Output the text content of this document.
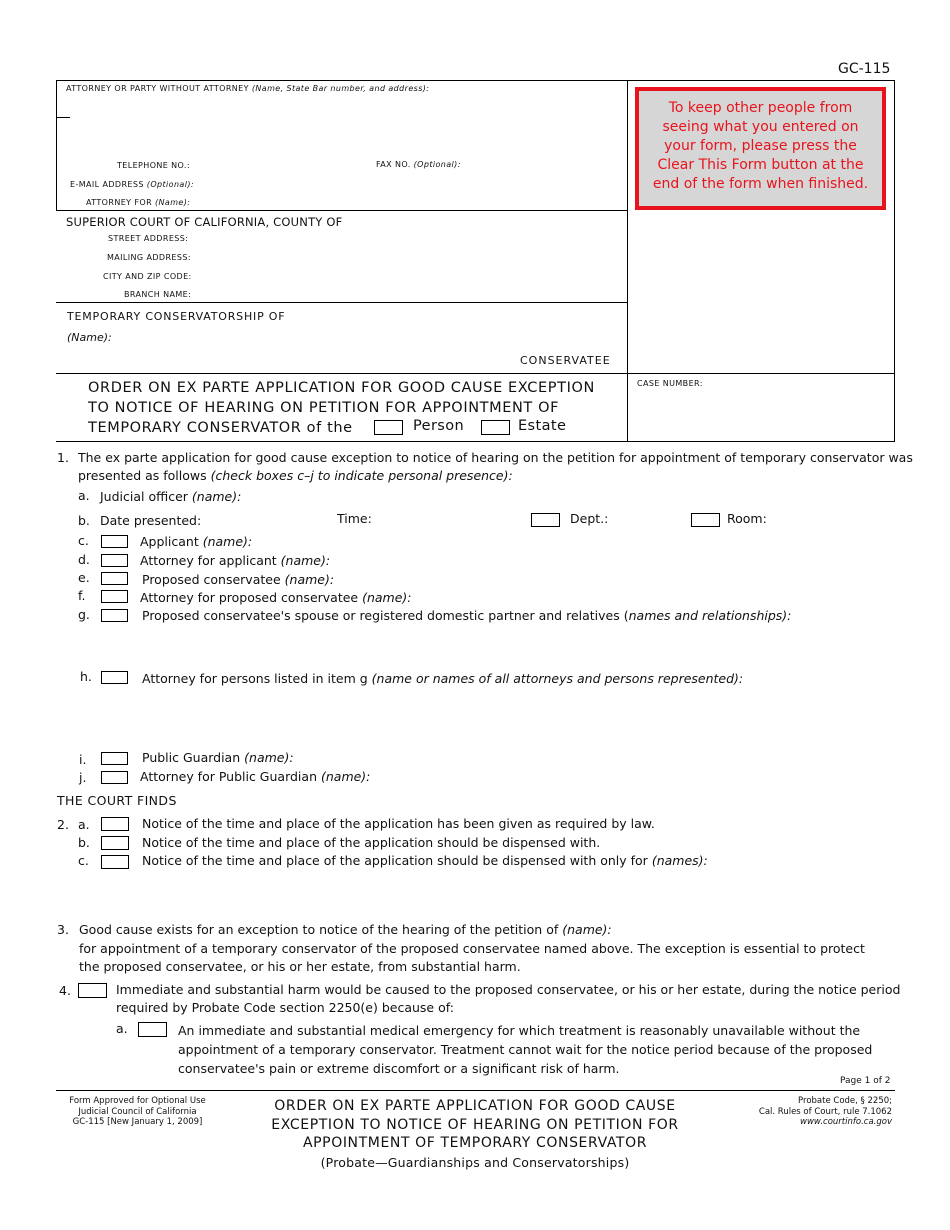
GC-115
ATTORNEY OR PARTY WITHOUT ATTORNEY (Name, State Bar number, and address):
TELEPHONE NO.:	FAX NO. (Optional):
E-MAIL ADDRESS (Optional):
ATTORNEY FOR (Name):
SUPERIOR COURT OF CALIFORNIA, COUNTY OF
STREET ADDRESS:
MAILING ADDRESS:
CITY AND ZIP CODE:
BRANCH NAME:
TEMPORARY CONSERVATORSHIP OF
(Name):
CONSERVATEE
To keep other people from seeing what you entered on your form, please press the Clear This Form button at the end of the form when finished.
ORDER ON EX PARTE APPLICATION FOR GOOD CAUSE EXCEPTION
TO NOTICE OF HEARING ON PETITION FOR APPOINTMENT OF
TEMPORARY CONSERVATOR of the	Person	Estate
CASE NUMBER:
1. The ex parte application for good cause exception to notice of hearing on the petition for appointment of temporary conservator was
presented as follows (check boxes c–j to indicate personal presence):
a. Judicial officer (name):
b. Date presented:	Time:	Dept.:	Room:
c.	Applicant (name):
d.	Attorney for applicant (name):
e.	Proposed conservatee (name):
f.	Attorney for proposed conservatee (name):
g.	Proposed conservatee's spouse or registered domestic partner and relatives (names and relationships):
h.	Attorney for persons listed in item g (name or names of all attorneys and persons represented):
i.	Public Guardian (name):
j.	Attorney for Public Guardian (name):
THE COURT FINDS
2. a.	Notice of the time and place of the application has been given as required by law.
b.	Notice of the time and place of the application should be dispensed with.
c.	Notice of the time and place of the application should be dispensed with only for (names):
3. Good cause exists for an exception to notice of the hearing of the petition of (name):
for appointment of a temporary conservator of the proposed conservatee named above. The exception is essential to protect
the proposed conservatee, or his or her estate, from substantial harm.
4.	Immediate and substantial harm would be caused to the proposed conservatee, or his or her estate, during the notice period
required by Probate Code section 2250(e) because of:
a.	An immediate and substantial medical emergency for which treatment is reasonably unavailable without the
appointment of a temporary conservator. Treatment cannot wait for the notice period because of the proposed
conservatee's pain or extreme discomfort or a significant risk of harm.
Page 1 of 2
Form Approved for Optional Use
Judicial Council of California
GC-115 [New January 1, 2009]
ORDER ON EX PARTE APPLICATION FOR GOOD CAUSE
EXCEPTION TO NOTICE OF HEARING ON PETITION FOR
APPOINTMENT OF TEMPORARY CONSERVATOR
(Probate—Guardianships and Conservatorships)
Probate Code, § 2250;
Cal. Rules of Court, rule 7.1062
www.courtinfo.ca.gov
